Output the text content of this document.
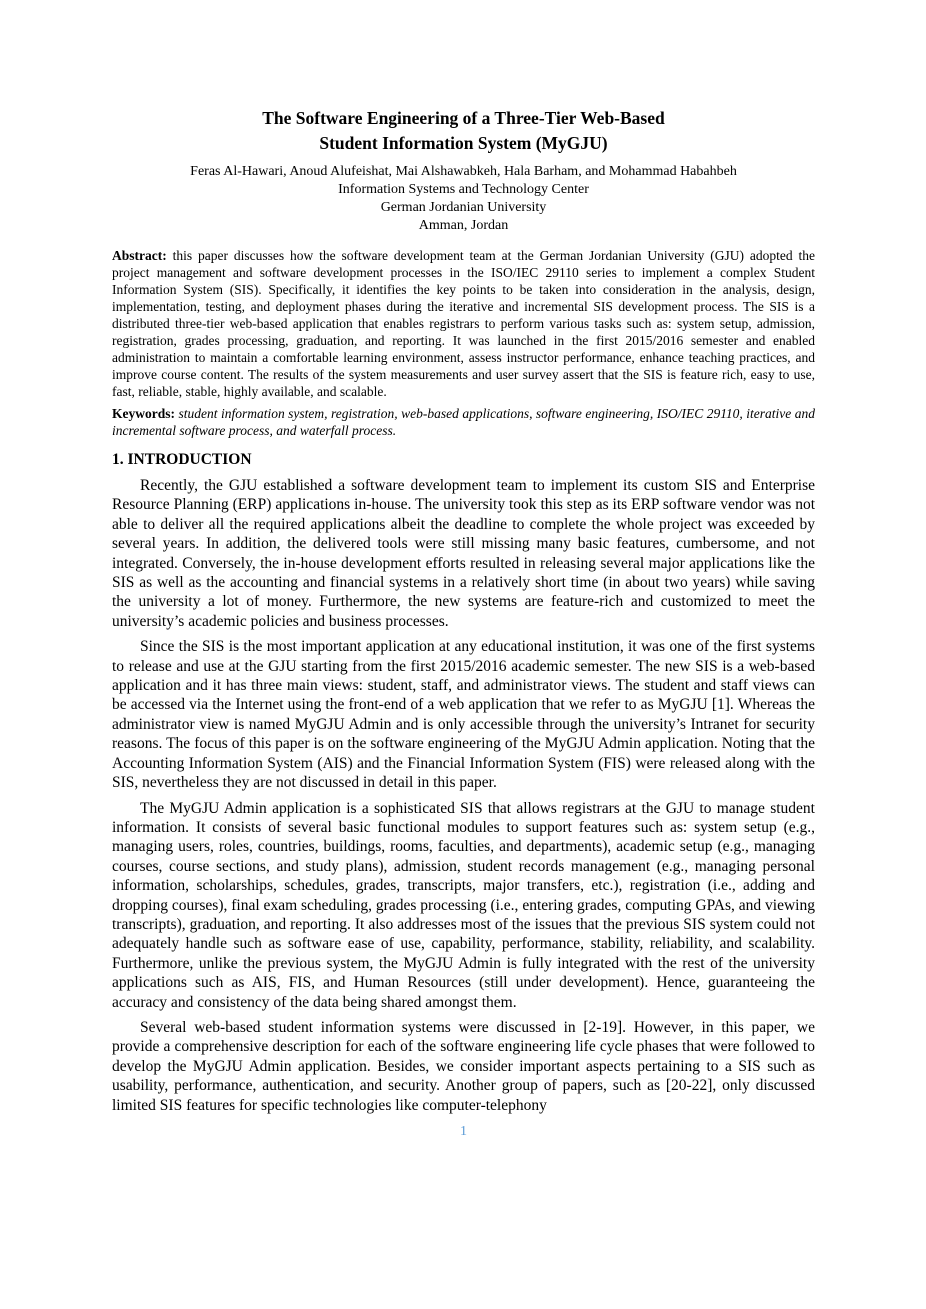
The Software Engineering of a Three-Tier Web-Based
Student Information System (MyGJU)
Feras Al-Hawari, Anoud Alufeishat, Mai Alshawabkeh, Hala Barham, and Mohammad Habahbeh
Information Systems and Technology Center
German Jordanian University
Amman, Jordan

Abstract: this paper discusses how the software development team at the German Jordanian University (GJU) adopted the project management and software development processes in the ISO/IEC 29110 series to implement a complex Student Information System (SIS). Specifically, it identifies the key points to be taken into consideration in the analysis, design, implementation, testing, and deployment phases during the iterative and incremental SIS development process. The SIS is a distributed three-tier web-based application that enables registrars to perform various tasks such as: system setup, admission, registration, grades processing, graduation, and reporting. It was launched in the first 2015/2016 semester and enabled administration to maintain a comfortable learning environment, assess instructor performance, enhance teaching practices, and improve course content. The results of the system measurements and user survey assert that the SIS is feature rich, easy to use, fast, reliable, stable, highly available, and scalable.

Keywords: student information system, registration, web-based applications, software engineering, ISO/IEC 29110, iterative and incremental software process, and waterfall process.

1. INTRODUCTION

Recently, the GJU established a software development team to implement its custom SIS and Enterprise Resource Planning (ERP) applications in-house. The university took this step as its ERP software vendor was not able to deliver all the required applications albeit the deadline to complete the whole project was exceeded by several years. In addition, the delivered tools were still missing many basic features, cumbersome, and not integrated. Conversely, the in-house development efforts resulted in releasing several major applications like the SIS as well as the accounting and financial systems in a relatively short time (in about two years) while saving the university a lot of money. Furthermore, the new systems are feature-rich and customized to meet the university’s academic policies and business processes.

Since the SIS is the most important application at any educational institution, it was one of the first systems to release and use at the GJU starting from the first 2015/2016 academic semester. The new SIS is a web-based application and it has three main views: student, staff, and administrator views. The student and staff views can be accessed via the Internet using the front-end of a web application that we refer to as MyGJU [1]. Whereas the administrator view is named MyGJU Admin and is only accessible through the university’s Intranet for security reasons. The focus of this paper is on the software engineering of the MyGJU Admin application. Noting that the Accounting Information System (AIS) and the Financial Information System (FIS) were released along with the SIS, nevertheless they are not discussed in detail in this paper.

The MyGJU Admin application is a sophisticated SIS that allows registrars at the GJU to manage student information. It consists of several basic functional modules to support features such as: system setup (e.g., managing users, roles, countries, buildings, rooms, faculties, and departments), academic setup (e.g., managing courses, course sections, and study plans), admission, student records management (e.g., managing personal information, scholarships, schedules, grades, transcripts, major transfers, etc.), registration (i.e., adding and dropping courses), final exam scheduling, grades processing (i.e., entering grades, computing GPAs, and viewing transcripts), graduation, and reporting. It also addresses most of the issues that the previous SIS system could not adequately handle such as software ease of use, capability, performance, stability, reliability, and scalability. Furthermore, unlike the previous system, the MyGJU Admin is fully integrated with the rest of the university applications such as AIS, FIS, and Human Resources (still under development). Hence, guaranteeing the accuracy and consistency of the data being shared amongst them.

Several web-based student information systems were discussed in [2-19]. However, in this paper, we provide a comprehensive description for each of the software engineering life cycle phases that were followed to develop the MyGJU Admin application. Besides, we consider important aspects pertaining to a SIS such as usability, performance, authentication, and security. Another group of papers, such as [20-22], only discussed limited SIS features for specific technologies like computer-telephony

1
